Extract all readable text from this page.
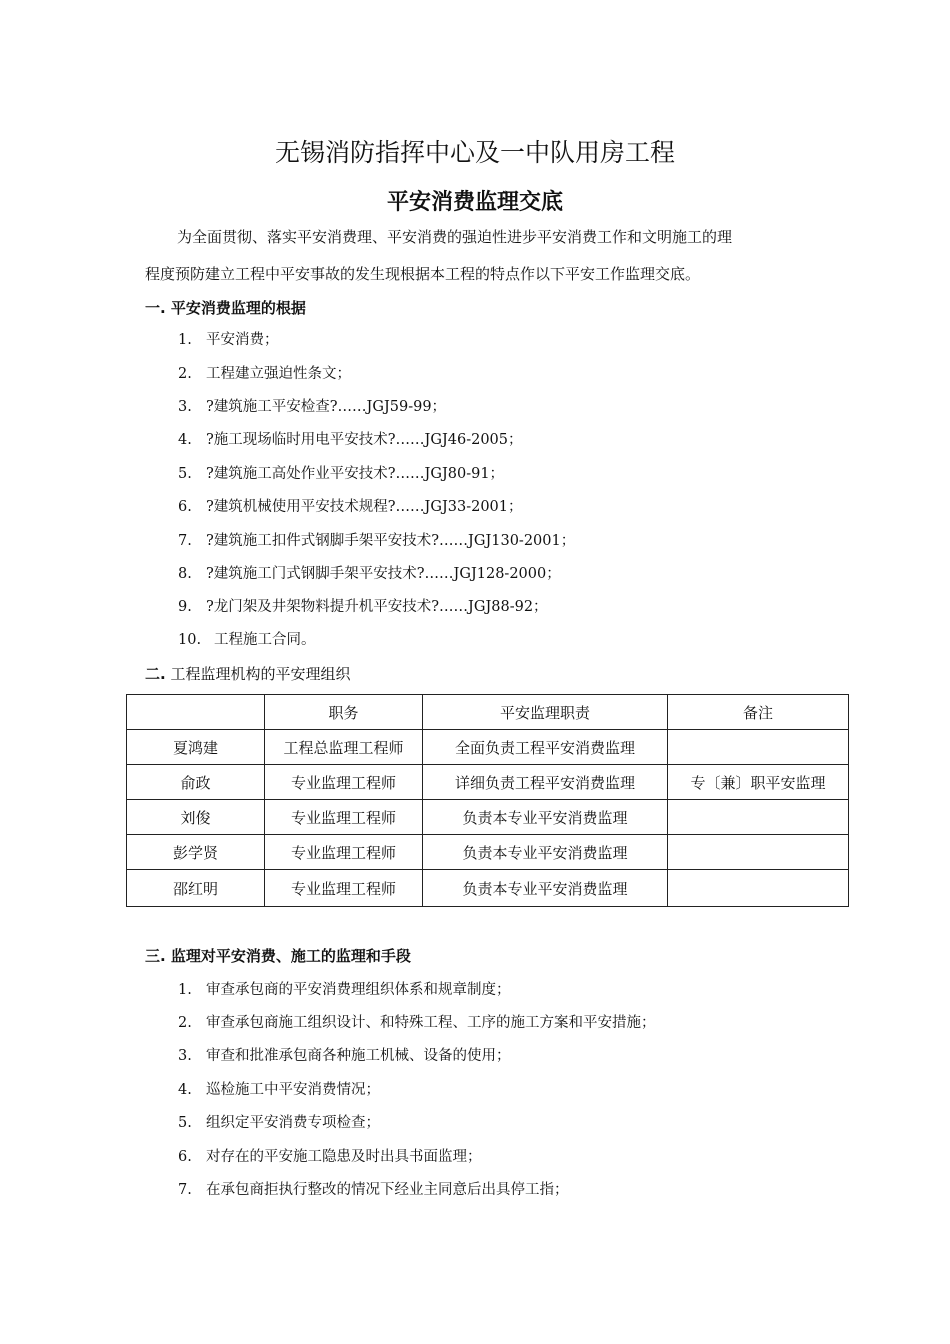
无锡消防指挥中心及一中队用房工程
平安消费监理交底
为全面贯彻、落实平安消费理、平安消费的强迫性进步平安消费工作和文明施工的理
程度预防建立工程中平安事故的发生现根据本工程的特点作以下平安工作监理交底。
一. 平安消费监理的根据
1. 平安消费；
2. 工程建立强迫性条文；
3. ?建筑施工平安检查?……JGJ59-99；
4. ?施工现场临时用电平安技术?……JGJ46-2005；
5. ?建筑施工高处作业平安技术?……JGJ80-91；
6. ?建筑机械使用平安技术规程?……JGJ33-2001；
7. ?建筑施工扣件式钢脚手架平安技术?……JGJ130-2001；
8. ?建筑施工门式钢脚手架平安技术?……JGJ128-2000；
9. ?龙门架及井架物料提升机平安技术?……JGJ88-92；
10. 工程施工合同。
二. 工程监理机构的平安理组织
	职务	平安监理职责	备注
夏鸿建	工程总监理工程师	全面负责工程平安消费监理	
俞政	专业监理工程师	详细负责工程平安消费监理	专〔兼〕职平安监理
刘俊	专业监理工程师	负责本专业平安消费监理	
彭学贤	专业监理工程师	负责本专业平安消费监理	
邵红明	专业监理工程师	负责本专业平安消费监理	
三. 监理对平安消费、施工的监理和手段
1. 审查承包商的平安消费理组织体系和规章制度；
2. 审查承包商施工组织设计、和特殊工程、工序的施工方案和平安措施；
3. 审查和批准承包商各种施工机械、设备的使用；
4. 巡检施工中平安消费情况；
5. 组织定平安消费专项检查；
6. 对存在的平安施工隐患及时出具书面监理；
7. 在承包商拒执行整改的情况下经业主同意后出具停工指；
